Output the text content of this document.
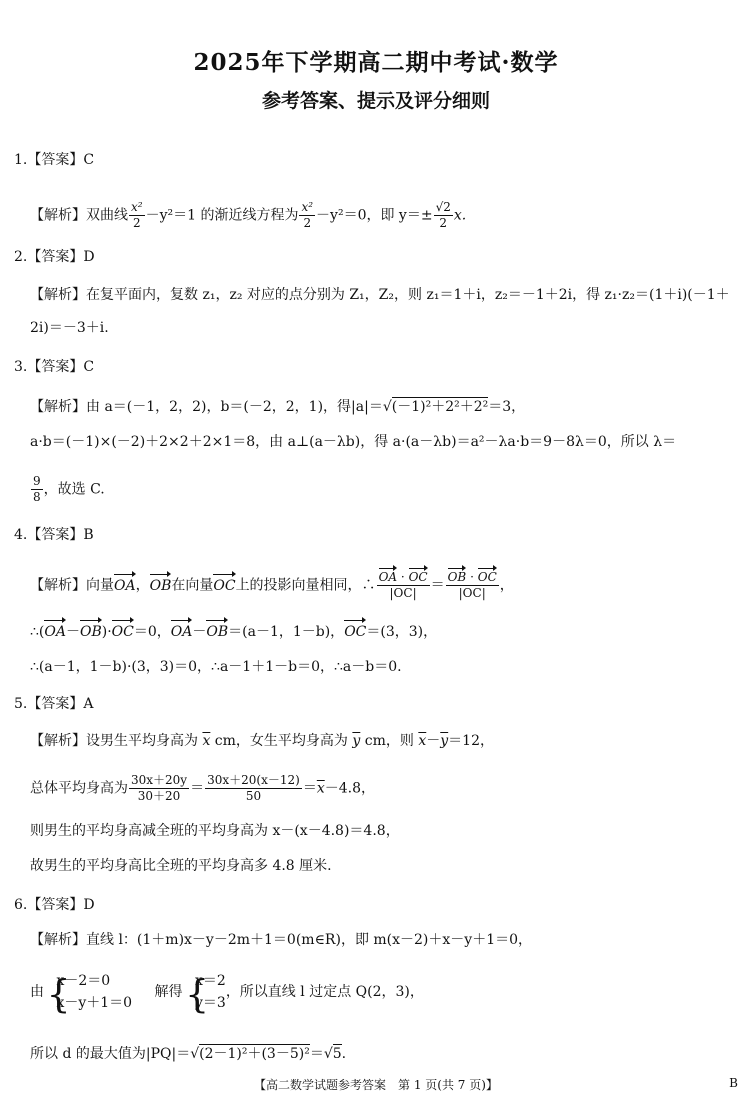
2025年下学期高二期中考试·数学
参考答案、提示及评分细则
1.【答案】C
【解析】双曲线 $\frac{\text{x²}}{2} -y^2=1$ 的渐近线方程为 $\frac{\text{x²}}{2} -y^2=0$，即 $y=\pm \frac{√2}{2} x$.
2.【答案】D
【解析】在复平面内，复数 z₁，z₂ 对应的点分别为 Z₁，Z₂，则 z₁＝1＋i，z₂＝－1＋2i，得 z₁·z₂＝(1＋i)(－1＋
2i)＝－3＋i.
3.【答案】C
【解析】由 a＝(－1，2，2)，b＝(－2，2，1)，得|a|＝√(－1)²＋2²＋2²＝3，
a·b＝(－1)×(－2)＋2×2＋2×1＝8，由 a⊥(a－λb)，得 a·(a－λb)＝a²－λa·b＝9－8λ＝0，所以 λ＝
$\frac{9}{8}$ ，故选 C.
4.【答案】B
【解析】向量OA，OB在向量OC上的投影向量相同，∴ $\frac{OA \cdot OC}{|OC|} = \frac{OB \cdot OC}{|OC|}$ ，
∴(OA－OB)·OC＝0，OA－OB＝(a－1，1－b)，OC＝(3，3)，
∴(a－1，1－b)·(3，3)＝0，∴a－1＋1－b＝0，∴a－b＝0.
5.【答案】A
【解析】设男生平均身高为 $\overline{x}$ cm，女生平均身高为 $\overline{y}$ cm，则 $\overline{x}-\overline{y}=12$，
总体平均身高为 $\frac{30x+20y}{30+20} = \frac{30x+20(x-12)}{50} =\overline{x}-4.8$，
则男生的平均身高减全班的平均身高为 x－(x－4.8)＝4.8，
故男生的平均身高比全班的平均身高多 4.8 厘米.
6.【答案】D
【解析】直线 l：(1＋m)x－y－2m＋1＝0(m∈R)，即 m(x－2)＋x－y＋1＝0，
由
{ x－2＝0
x－y＋1＝0
解得
{ x＝2
y＝3
，所以直线 l 过定点 Q(2，3)，
所以 d 的最大值为|PQ|＝√(2－1)²＋(3－5)²＝√5.
【高二数学试题参考答案　第 1 页(共 7 页)】	B
